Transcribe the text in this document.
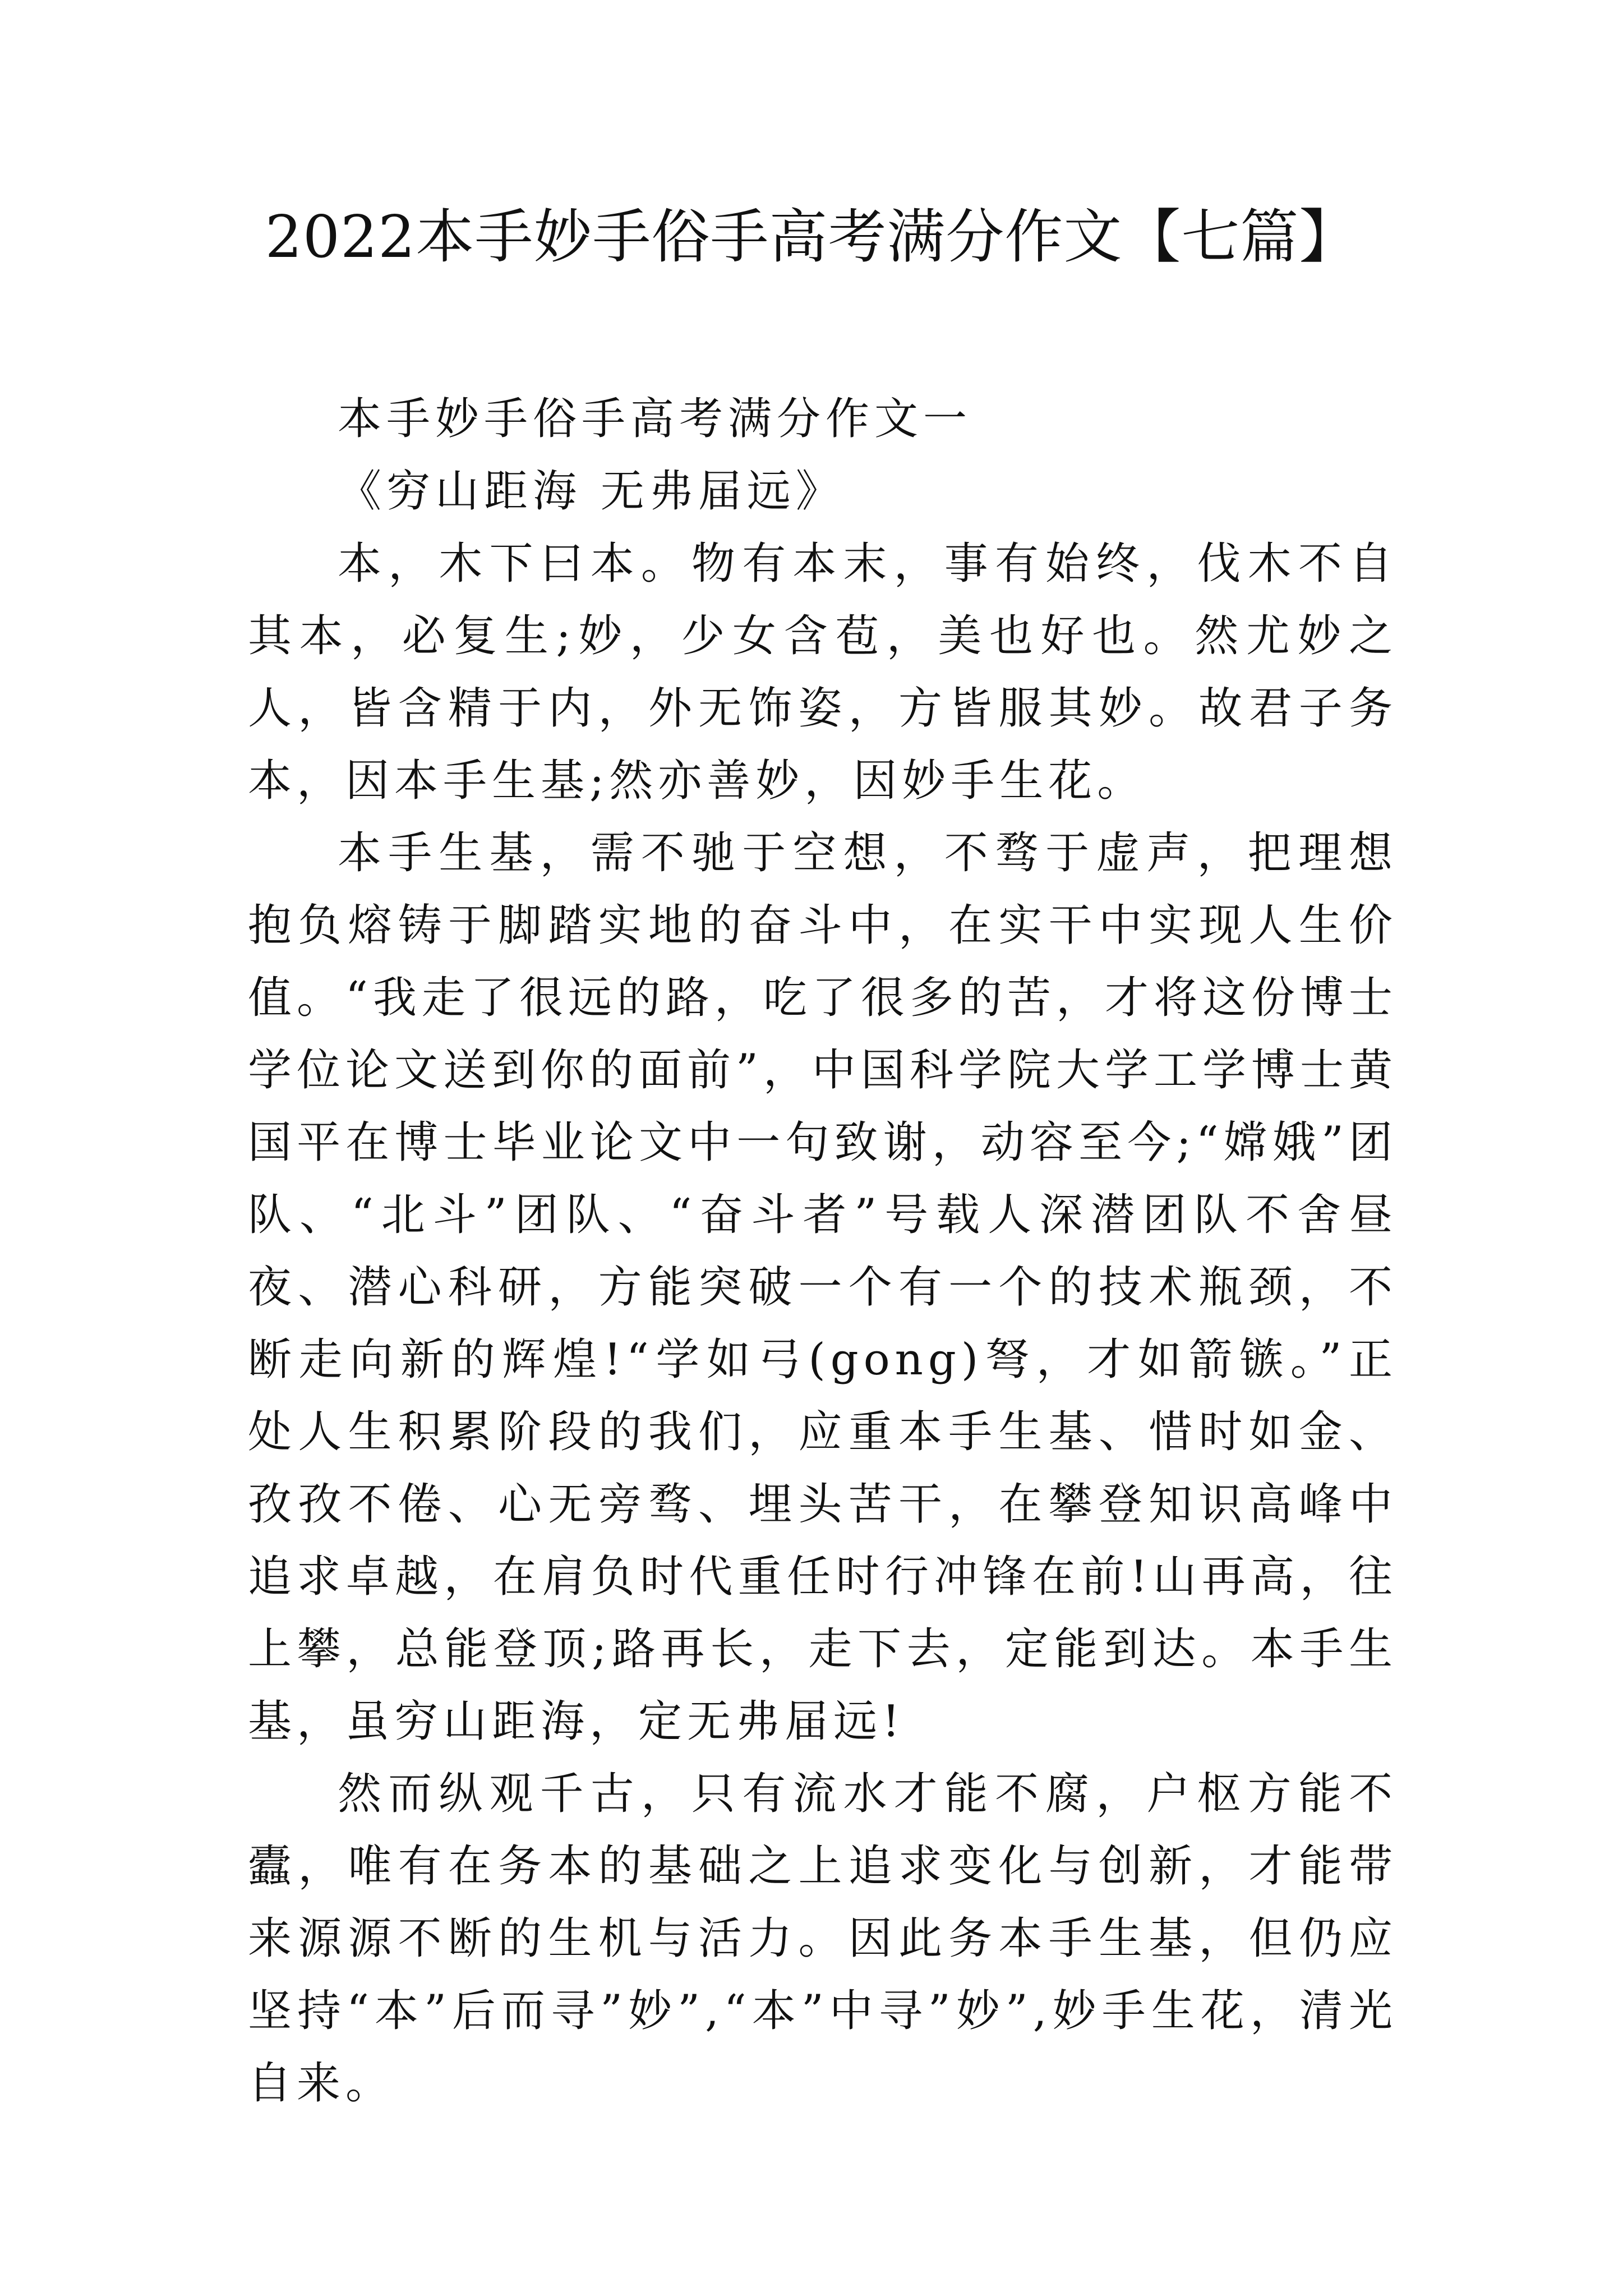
2022本手妙手俗手高考满分作文【七篇】

本手妙手俗手高考满分作文一

《穷山距海 无弗届远》

本，木下曰本。物有本末，事有始终，伐木不自其本，必复生;妙，少女含苞，美也好也。然尤妙之人，皆含精于内，外无饰姿，方皆服其妙。故君子务本，因本手生基;然亦善妙，因妙手生花。

本手生基，需不驰于空想，不骛于虚声，把理想抱负熔铸于脚踏实地的奋斗中，在实干中实现人生价值。“我走了很远的路，吃了很多的苦，才将这份博士学位论文送到你的面前”，中国科学院大学工学博士黄国平在博士毕业论文中一句致谢，动容至今;“嫦娥”团队、“北斗”团队、“奋斗者”号载人深潜团队不舍昼夜、潜心科研，方能突破一个有一个的技术瓶颈，不断走向新的辉煌!“学如弓(gong)弩，才如箭镞。”正处人生积累阶段的我们，应重本手生基、惜时如金、孜孜不倦、心无旁骛、埋头苦干，在攀登知识高峰中追求卓越，在肩负时代重任时行冲锋在前!山再高，往上攀，总能登顶;路再长，走下去，定能到达。本手生基，虽穷山距海，定无弗届远!

然而纵观千古，只有流水才能不腐，户枢方能不蠹，唯有在务本的基础之上追求变化与创新，才能带来源源不断的生机与活力。因此务本手生基，但仍应坚持“本”后而寻”妙”,“本”中寻”妙”,妙手生花，清光自来。
